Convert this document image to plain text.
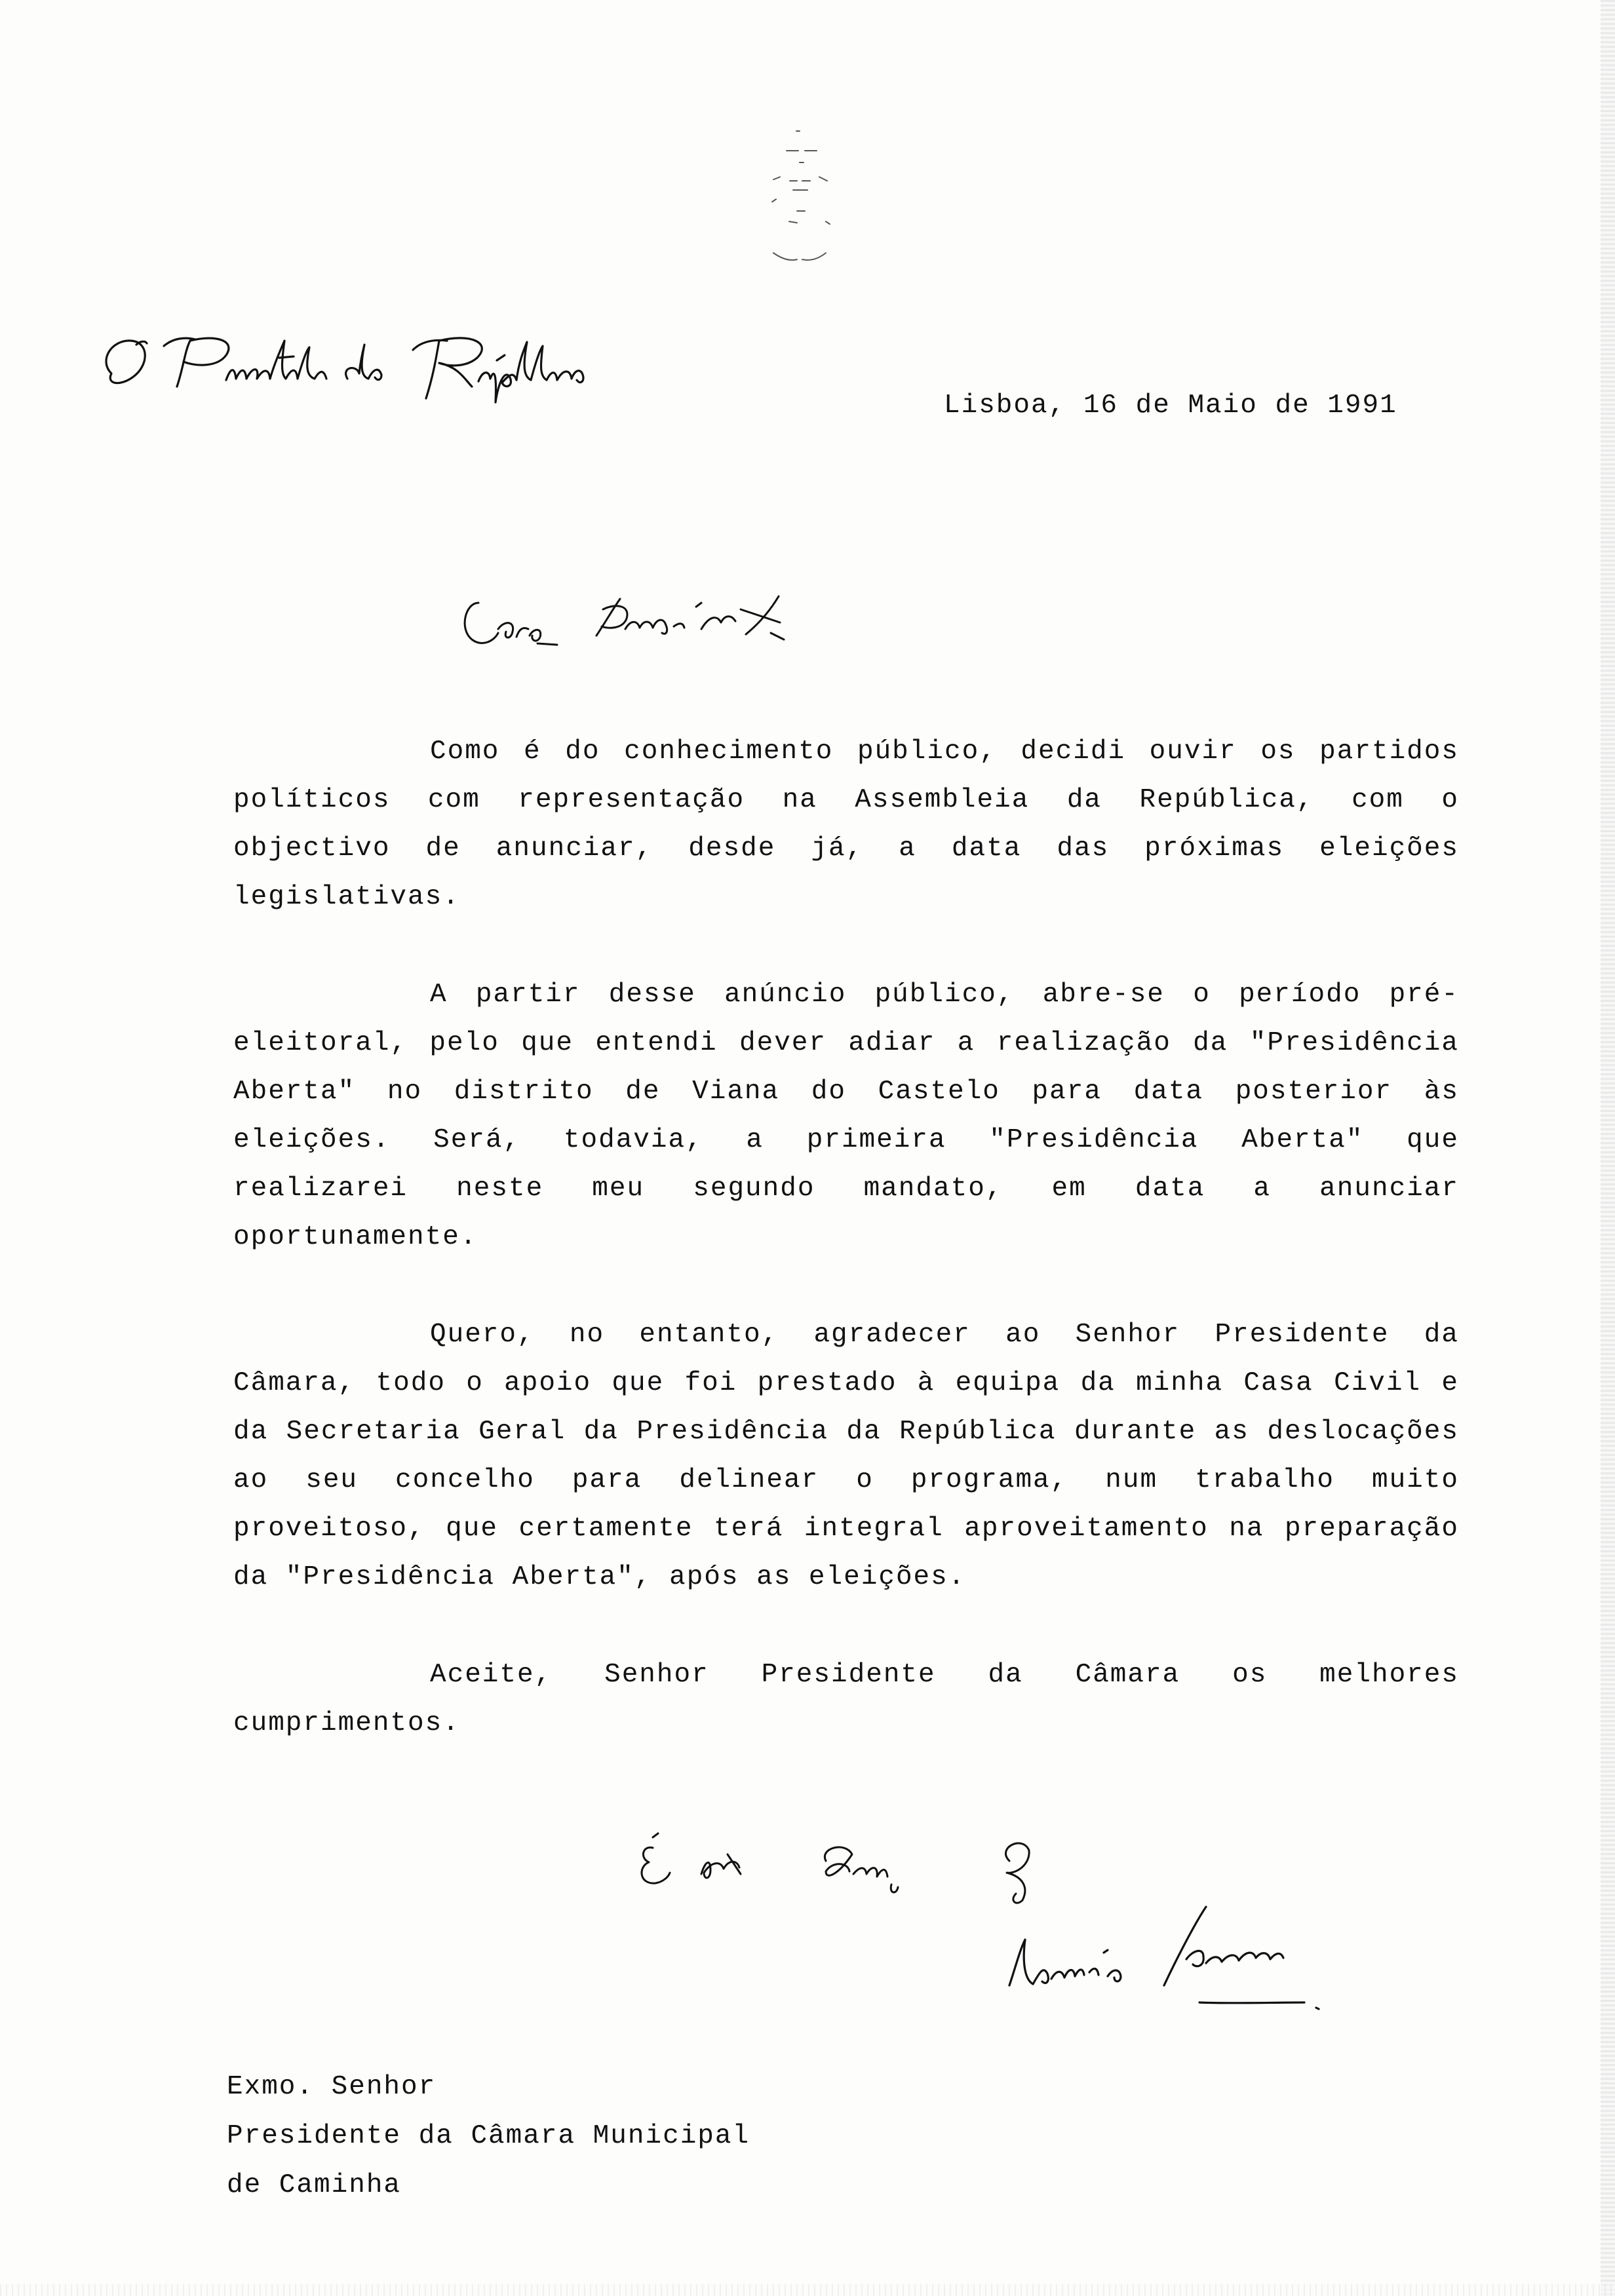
Lisboa, 16 de Maio de 1991

Como é do conhecimento público, decidi ouvir os partidos políticos com representação na Assembleia da República, com o objectivo de anunciar, desde já, a data das próximas eleições legislativas.

A partir desse anúncio público, abre-se o período pré-eleitoral, pelo que entendi dever adiar a realização da "Presidência Aberta" no distrito de Viana do Castelo para data posterior às eleições. Será, todavia, a primeira "Presidência Aberta" que realizarei neste meu segundo mandato, em data a anunciar oportunamente.

Quero, no entanto, agradecer ao Senhor Presidente da Câmara, todo o apoio que foi prestado à equipa da minha Casa Civil e da Secretaria Geral da Presidência da República durante as deslocações ao seu concelho para delinear o programa, num trabalho muito proveitoso, que certamente terá integral aproveitamento na preparação da "Presidência Aberta", após as eleições.

Aceite, Senhor Presidente da Câmara os melhores cumprimentos.

Exmo. Senhor
Presidente da Câmara Municipal
de Caminha
